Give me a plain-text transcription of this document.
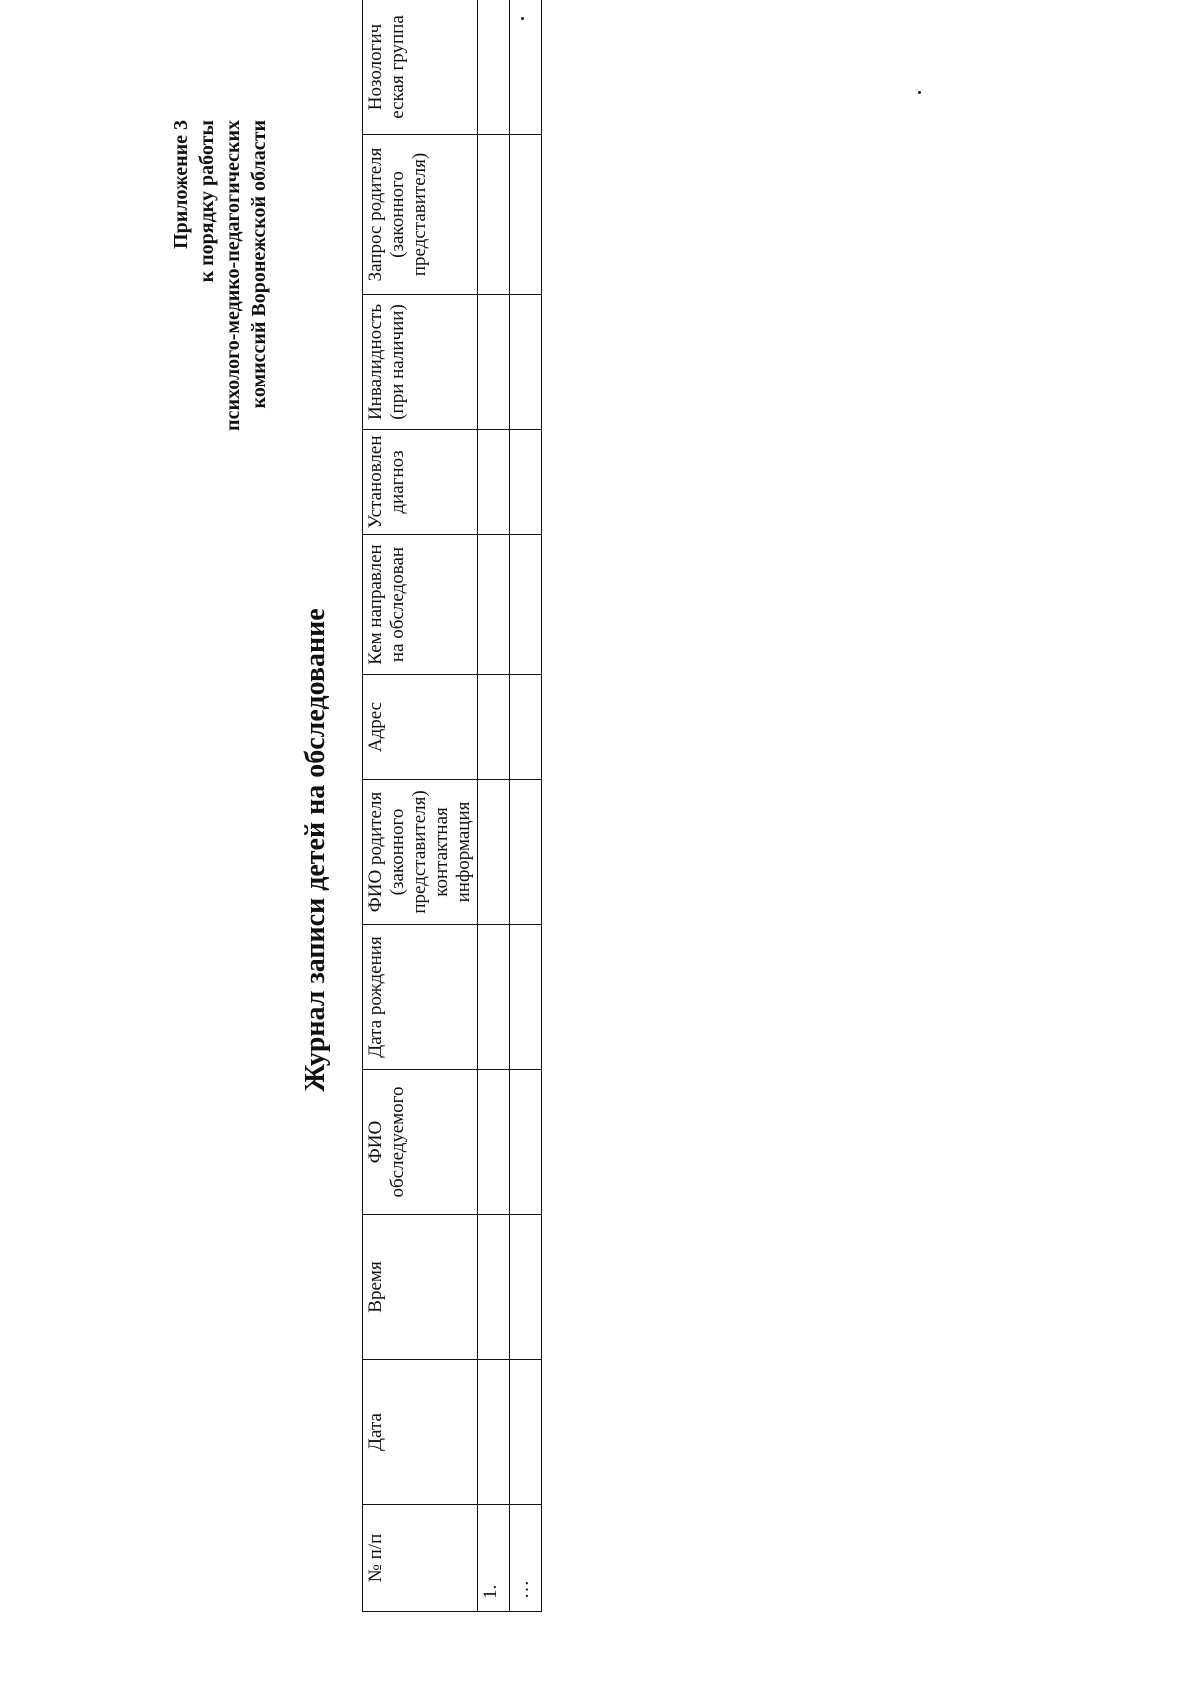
Приложение 3 к порядку работы психолого-медико-педагогических комиссий Воронежской области
Журнал записи детей на обследование
№ п/п	Дата	Время	ФИО обследуемого	Дата рождения	ФИО родителя (законного представителя) контактная информация	Адрес	Кем направлен на обследован	Установлен диагноз	Инвалидность (при наличии)	Запрос родителя (законного представителя)	Нозологич еская группа
1.											
…											
